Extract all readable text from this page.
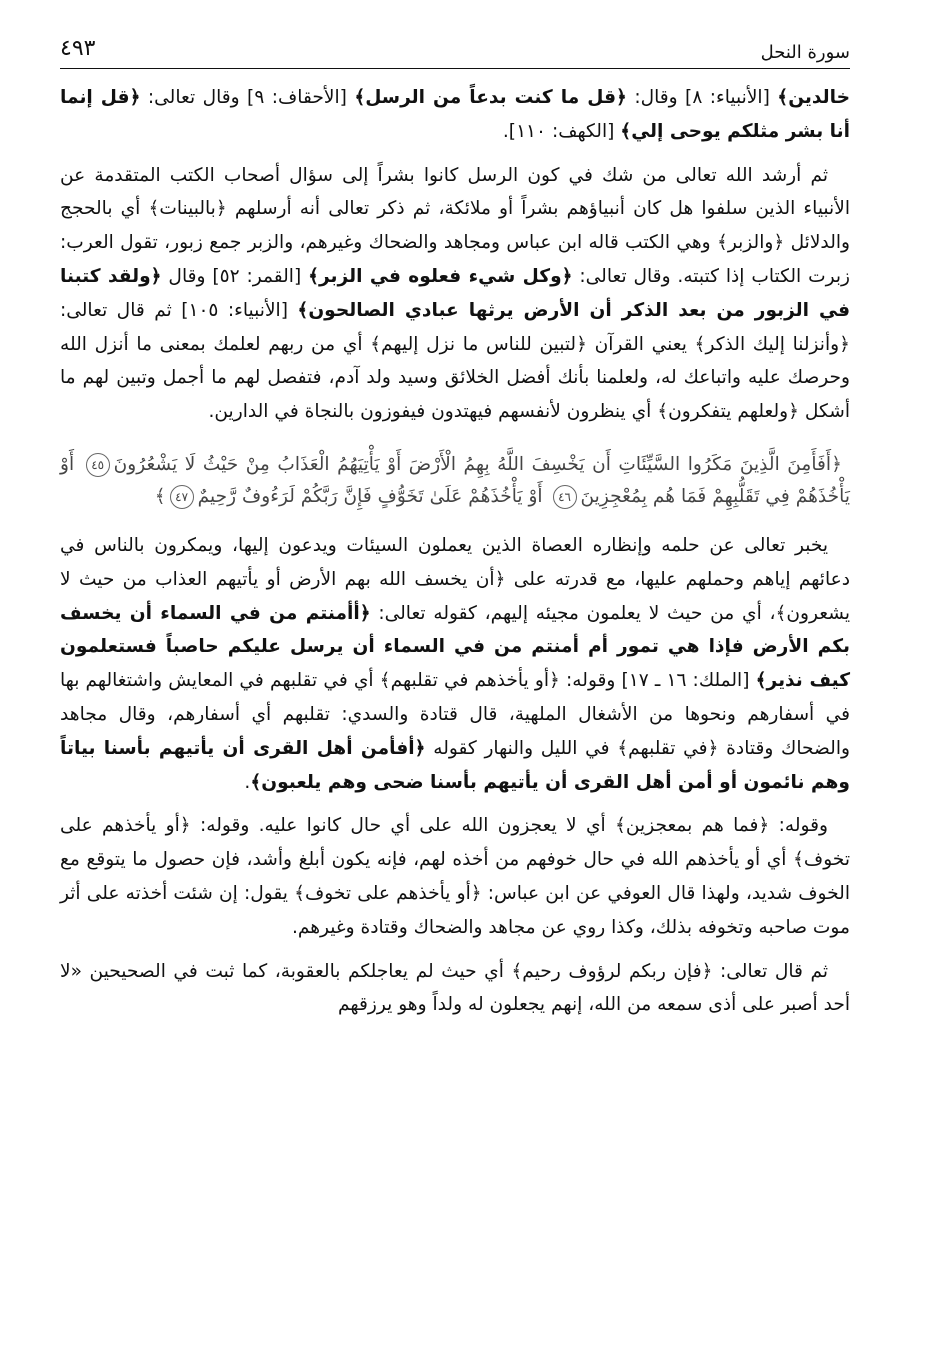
سورة النحل
٤٩٣

خالدين﴾ [الأنبياء: ٨] وقال: ﴿قل ما كنت بدعاً من الرسل﴾ [الأحقاف: ٩] وقال تعالى: ﴿قل إنما أنا بشر مثلكم يوحى إلي﴾ [الكهف: ١١٠].

ثم أرشد الله تعالى من شك في كون الرسل كانوا بشراً إلى سؤال أصحاب الكتب المتقدمة عن الأنبياء الذين سلفوا هل كان أنبياؤهم بشراً أو ملائكة، ثم ذكر تعالى أنه أرسلهم ﴿بالبينات﴾ أي بالحجج والدلائل ﴿والزبر﴾ وهي الكتب قاله ابن عباس ومجاهد والضحاك وغيرهم، والزبر جمع زبور، تقول العرب: زبرت الكتاب إذا كتبته. وقال تعالى: ﴿وكل شيء فعلوه في الزبر﴾ [القمر: ٥٢] وقال ﴿ولقد كتبنا في الزبور من بعد الذكر أن الأرض يرثها عبادي الصالحون﴾ [الأنبياء: ١٠٥] ثم قال تعالى: ﴿وأنزلنا إليك الذكر﴾ يعني القرآن ﴿لتبين للناس ما نزل إليهم﴾ أي من ربهم لعلمك بمعنى ما أنزل الله وحرصك عليه واتباعك له، ولعلمنا بأنك أفضل الخلائق وسيد ولد آدم، فتفصل لهم ما أجمل وتبين لهم ما أشكل ﴿ولعلهم يتفكرون﴾ أي ينظرون لأنفسهم فيهتدون فيفوزون بالنجاة في الدارين.

﴿أَفَأَمِنَ الَّذِينَ مَكَرُوا السَّيِّئَاتِ أَن يَخْسِفَ اللَّهُ بِهِمُ الْأَرْضَ أَوْ يَأْتِيَهُمُ الْعَذَابُ مِنْ حَيْثُ لَا يَشْعُرُونَ٤٥ أَوْ يَأْخُذَهُمْ فِي تَقَلُّبِهِمْ فَمَا هُم بِمُعْجِزِينَ٤٦ أَوْ يَأْخُذَهُمْ عَلَىٰ تَخَوُّفٍ فَإِنَّ رَبَّكُمْ لَرَءُوفٌ رَّحِيمٌ٤٧﴾

يخبر تعالى عن حلمه وإنظاره العصاة الذين يعملون السيئات ويدعون إليها، ويمكرون بالناس في دعائهم إياهم وحملهم عليها، مع قدرته على ﴿أن يخسف الله بهم الأرض أو يأتيهم العذاب من حيث لا يشعرون﴾، أي من حيث لا يعلمون مجيئه إليهم، كقوله تعالى: ﴿أأمنتم من في السماء أن يخسف بكم الأرض فإذا هي تمور أم أمنتم من في السماء أن يرسل عليكم حاصباً فستعلمون كيف نذير﴾ [الملك: ١٦ ـ ١٧] وقوله: ﴿أو يأخذهم في تقلبهم﴾ أي في تقلبهم في المعايش واشتغالهم بها في أسفارهم ونحوها من الأشغال الملهية، قال قتادة والسدي: تقلبهم أي أسفارهم، وقال مجاهد والضحاك وقتادة ﴿في تقلبهم﴾ في الليل والنهار كقوله ﴿أفأمن أهل القرى أن يأتيهم بأسنا بياتاً وهم نائمون أو أمن أهل القرى أن يأتيهم بأسنا ضحى وهم يلعبون﴾.

وقوله: ﴿فما هم بمعجزين﴾ أي لا يعجزون الله على أي حال كانوا عليه. وقوله: ﴿أو يأخذهم على تخوف﴾ أي أو يأخذهم الله في حال خوفهم من أخذه لهم، فإنه يكون أبلغ وأشد، فإن حصول ما يتوقع مع الخوف شديد، ولهذا قال العوفي عن ابن عباس: ﴿أو يأخذهم على تخوف﴾ يقول: إن شئت أخذته على أثر موت صاحبه وتخوفه بذلك، وكذا روي عن مجاهد والضحاك وقتادة وغيرهم.

ثم قال تعالى: ﴿فإن ربكم لرؤوف رحيم﴾ أي حيث لم يعاجلكم بالعقوبة، كما ثبت في الصحيحين «لا أحد أصبر على أذى سمعه من الله، إنهم يجعلون له ولداً وهو يرزقهم
